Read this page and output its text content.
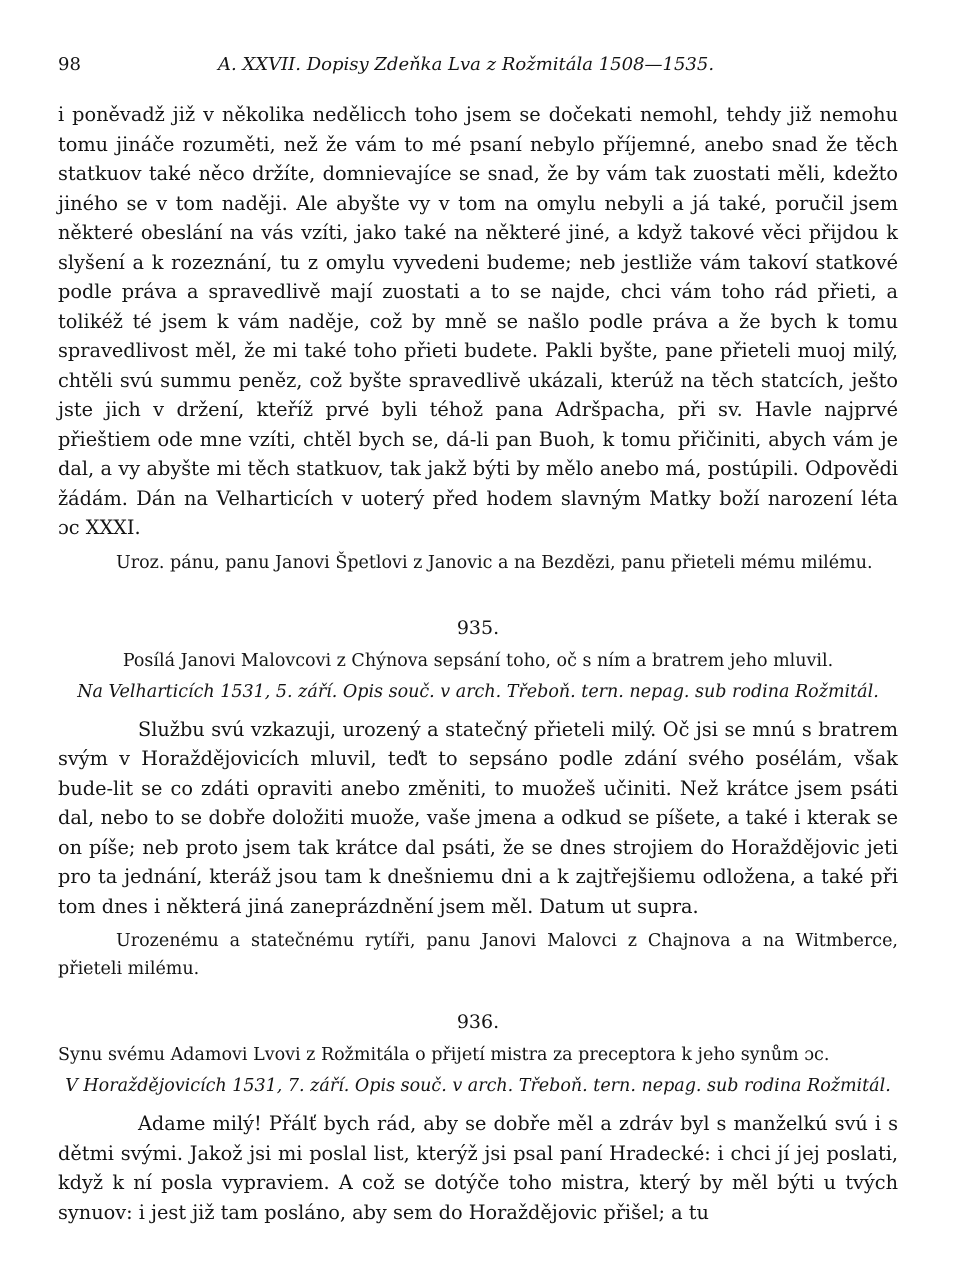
98	A. XXVII. Dopisy Zdeňka Lva z Rožmitála 1508—1535.

i poněvadž již v několika nedělicch toho jsem se dočekati nemohl, tehdy již nemohu tomu jináče rozuměti, než že vám to mé psaní nebylo příjemné, anebo snad že těch statkuov také něco držíte, domnievajíce se snad, že by vám tak zuostati měli, kdežto jiného se v tom naději. Ale abyšte vy v tom na omylu nebyli a já také, poručil jsem některé obeslání na vás vzíti, jako také na některé jiné, a když takové věci přijdou k slyšení a k rozeznání, tu z omylu vyvedeni budeme; neb jestliže vám takoví statkové podle práva a spravedlivě mají zuostati a to se najde, chci vám toho rád přieti, a tolikéž té jsem k vám naděje, což by mně se našlo podle práva a že bych k tomu spravedlivost měl, že mi také toho přieti budete. Pakli byšte, pane přieteli muoj milý, chtěli svú summu peněz, což byšte spravedlivě ukázali, kterúž na těch statcích, ješto jste jich v držení, kteříž prvé byli téhož pana Adršpacha, při sv. Havle najprvé přieštiem ode mne vzíti, chtěl bych se, dá-li pan Buoh, k tomu přičiniti, abych vám je dal, a vy abyšte mi těch statkuov, tak jakž býti by mělo anebo má, postúpili. Odpovědi žádám. Dán na Velharticích v uoterý před hodem slavným Matky boží narození léta ɔc XXXI.

Uroz. pánu, panu Janovi Špetlovi z Janovic a na Bezdězi, panu přieteli mému milému.

935.

Posílá Janovi Malovcovi z Chýnova sepsání toho, oč s ním a bratrem jeho mluvil.

Na Velharticích 1531, 5. září. Opis souč. v arch. Třeboň. tern. nepag. sub rodina Rožmitál.

Službu svú vzkazuji, urozený a statečný přieteli milý. Oč jsi se mnú s bratrem svým v Horaždějovicích mluvil, teďt to sepsáno podle zdání svého posélám, však bude-lit se co zdáti opraviti anebo změniti, to muožeš učiniti. Než krátce jsem psáti dal, nebo to se dobře doložiti muože, vaše jmena a odkud se píšete, a také i kterak se on píše; neb proto jsem tak krátce dal psáti, že se dnes strojiem do Horaždějovic jeti pro ta jednání, kteráž jsou tam k dnešniemu dni a k zajtřejšiemu odložena, a také při tom dnes i některá jiná zaneprázdnění jsem měl. Datum ut supra.

Urozenému a statečnému rytíři, panu Janovi Malovci z Chajnova a na Witmberce, přieteli milému.

936.

Synu svému Adamovi Lvovi z Rožmitála o přijetí mistra za preceptora k jeho synům ɔc.

V Horaždějovicích 1531, 7. září. Opis souč. v arch. Třeboň. tern. nepag. sub rodina Rožmitál.

Adame milý! Přálť bych rád, aby se dobře měl a zdráv byl s manželkú svú i s dětmi svými. Jakož jsi mi poslal list, kterýž jsi psal paní Hradecké: i chci jí jej poslati, když k ní posla vypraviem. A což se dotýče toho mistra, který by měl býti u tvých synuov: i jest již tam posláno, aby sem do Horaždějovic přišel; a tu
